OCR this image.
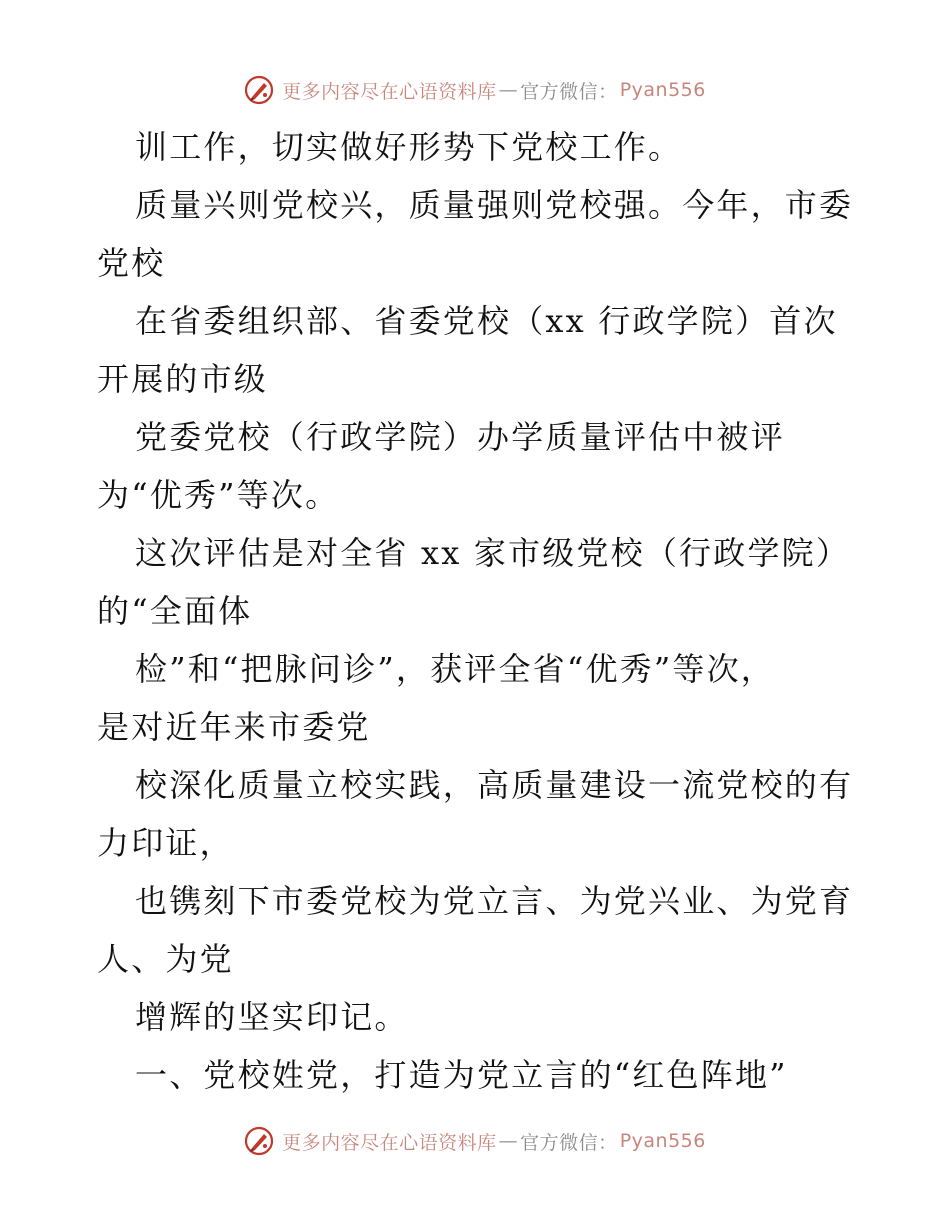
更多内容尽在心语资料库 — 官方微信： Pyan556
训工作，切实做好形势下党校工作。
质量兴则党校兴，质量强则党校强。今年，市委
党校
在省委组织部、省委党校（xx 行政学院）首次
开展的市级
党委党校（行政学院）办学质量评估中被评
为“优秀”等次。
这次评估是对全省 xx 家市级党校（行政学院）
的“全面体
检”和“把脉问诊”，获评全省“优秀”等次，
是对近年来市委党
校深化质量立校实践，高质量建设一流党校的有
力印证，
也镌刻下市委党校为党立言、为党兴业、为党育
人、为党
增辉的坚实印记。
一、党校姓党，打造为党立言的“红色阵地”
更多内容尽在心语资料库 — 官方微信： Pyan556
